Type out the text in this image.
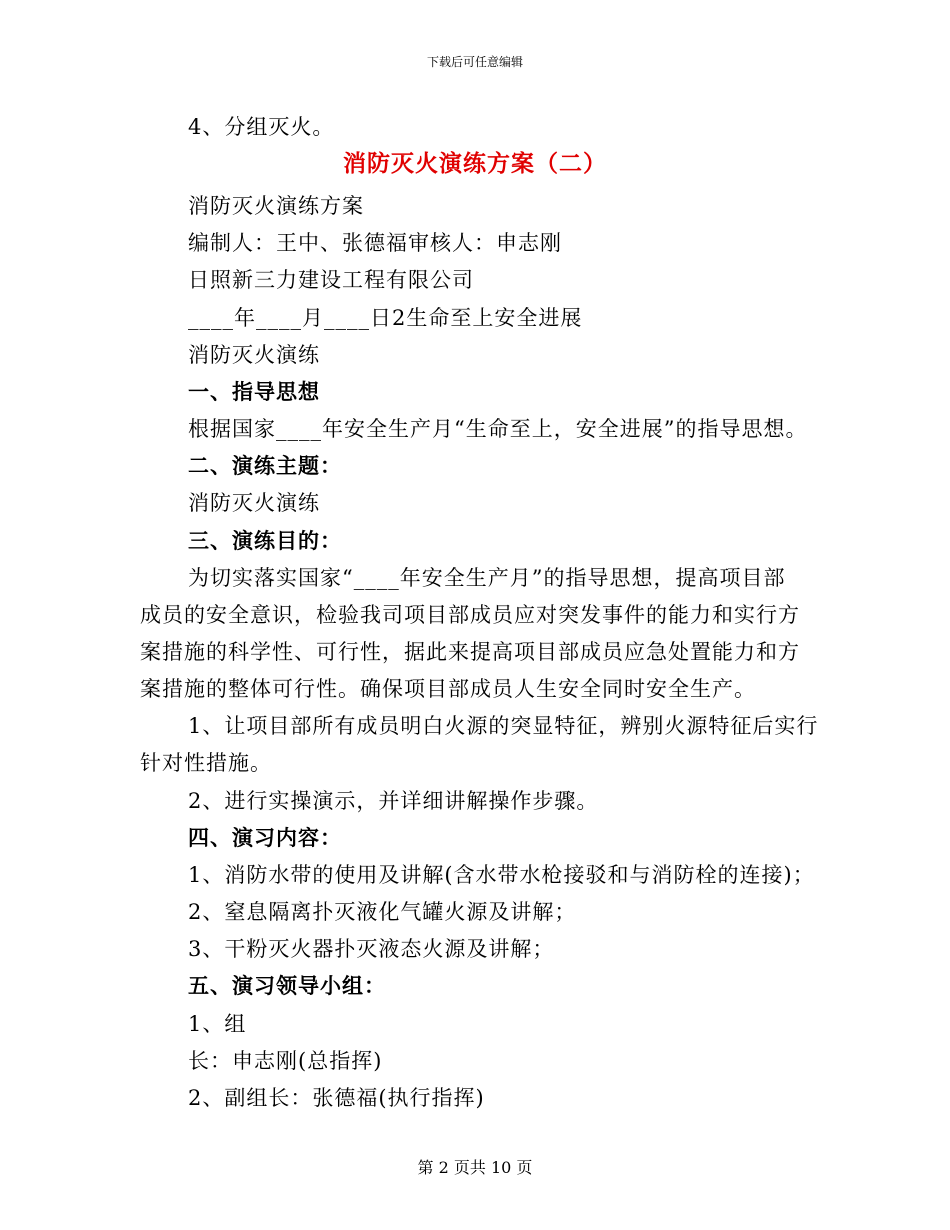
下载后可任意编辑
4、分组灭火。
消防灭火演练方案（二）
消防灭火演练方案
编制人：王中、张德福审核人：申志刚
日照新三力建设工程有限公司
____年____月____日2生命至上安全进展
消防灭火演练
一、指导思想
根据国家____年安全生产月“生命至上，安全进展”的指导思想。
二、演练主题：
消防灭火演练
三、演练目的：
为切实落实国家“____年安全生产月”的指导思想，提高项目部
成员的安全意识，检验我司项目部成员应对突发事件的能力和实行方
案措施的科学性、可行性，据此来提高项目部成员应急处置能力和方
案措施的整体可行性。确保项目部成员人生安全同时安全生产。
1、让项目部所有成员明白火源的突显特征，辨别火源特征后实行
针对性措施。
2、进行实操演示，并详细讲解操作步骤。
四、演习内容：
1、消防水带的使用及讲解(含水带水枪接驳和与消防栓的连接)；
2、窒息隔离扑灭液化气罐火源及讲解；
3、干粉灭火器扑灭液态火源及讲解；
五、演习领导小组：
1、组
长：申志刚(总指挥)
2、副组长：张德福(执行指挥)
第 2 页共 10 页
